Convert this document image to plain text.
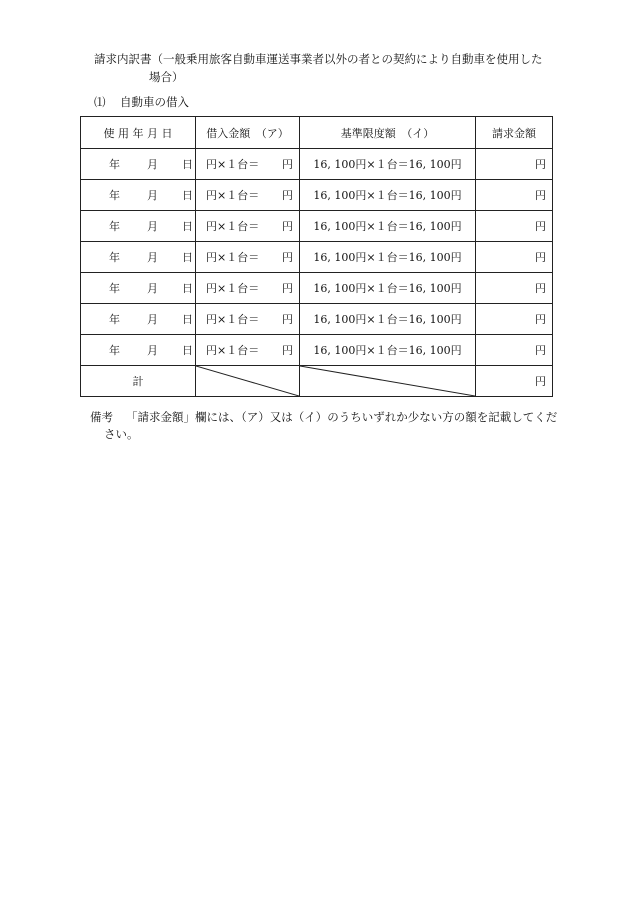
請求内訳書（一般乗用旅客自動車運送事業者以外の者との契約により自動車を使用した
場合）
⑴ 自動車の借入
使 用 年 月 日	借入金額　（ア）	基準限度額　（イ）	請求金額

年 月 日	円×１台＝ 円	16, 100円×１台＝16, 100円	円

年 月 日	円×１台＝ 円	16, 100円×１台＝16, 100円	円

年 月 日	円×１台＝ 円	16, 100円×１台＝16, 100円	円

年 月 日	円×１台＝ 円	16, 100円×１台＝16, 100円	円

年 月 日	円×１台＝ 円	16, 100円×１台＝16, 100円	円

年 月 日	円×１台＝ 円	16, 100円×１台＝16, 100円	円

年 月 日	円×１台＝ 円	16, 100円×１台＝16, 100円	円
計			円
備考 「請求金額」欄には、（ア）又は（イ）のうちいずれか少ない方の額を記載してくだ
さい。
